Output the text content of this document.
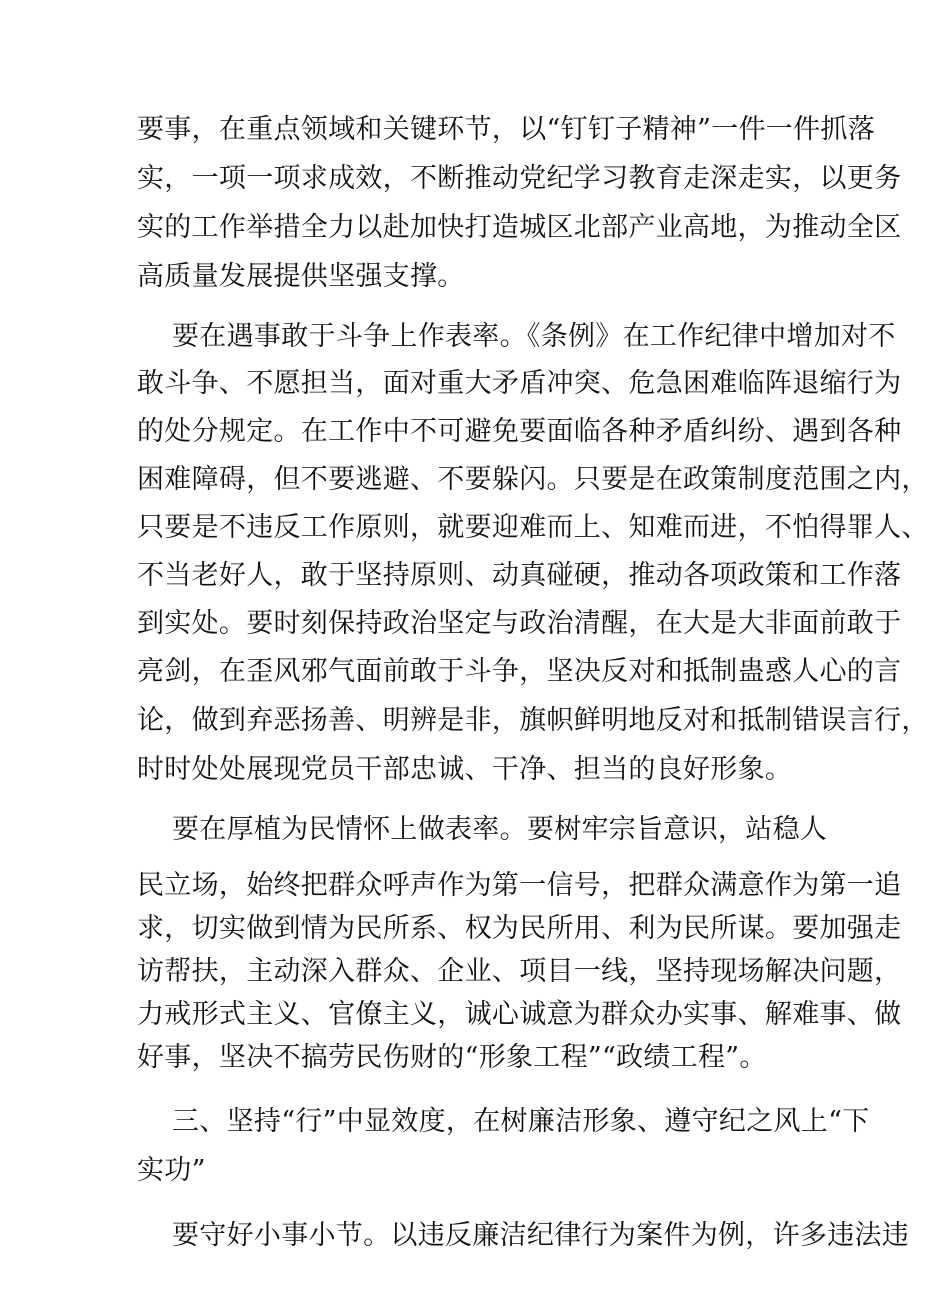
要事，在重点领域和关键环节，以“钉钉子精神”一件一件抓落
实，一项一项求成效，不断推动党纪学习教育走深走实，以更务
实的工作举措全力以赴加快打造城区北部产业高地，为推动全区
高质量发展提供坚强支撑。
要在遇事敢于斗争上作表率。《条例》在工作纪律中增加对不
敢斗争、不愿担当，面对重大矛盾冲突、危急困难临阵退缩行为
的处分规定。在工作中不可避免要面临各种矛盾纠纷、遇到各种
困难障碍，但不要逃避、不要躲闪。只要是在政策制度范围之内，
只要是不违反工作原则，就要迎难而上、知难而进，不怕得罪人、
不当老好人，敢于坚持原则、动真碰硬，推动各项政策和工作落
到实处。要时刻保持政治坚定与政治清醒，在大是大非面前敢于
亮剑，在歪风邪气面前敢于斗争，坚决反对和抵制蛊惑人心的言
论，做到弃恶扬善、明辨是非，旗帜鲜明地反对和抵制错误言行，
时时处处展现党员干部忠诚、干净、担当的良好形象。
要在厚植为民情怀上做表率。要树牢宗旨意识，站稳人
民立场，始终把群众呼声作为第一信号，把群众满意作为第一追
求，切实做到情为民所系、权为民所用、利为民所谋。要加强走
访帮扶，主动深入群众、企业、项目一线，坚持现场解决问题，
力戒形式主义、官僚主义，诚心诚意为群众办实事、解难事、做
好事，坚决不搞劳民伤财的“形象工程”“政绩工程”。
三、坚持“行”中显效度，在树廉洁形象、遵守纪之风上“下
实功”
要守好小事小节。以违反廉洁纪律行为案件为例，许多违法违
